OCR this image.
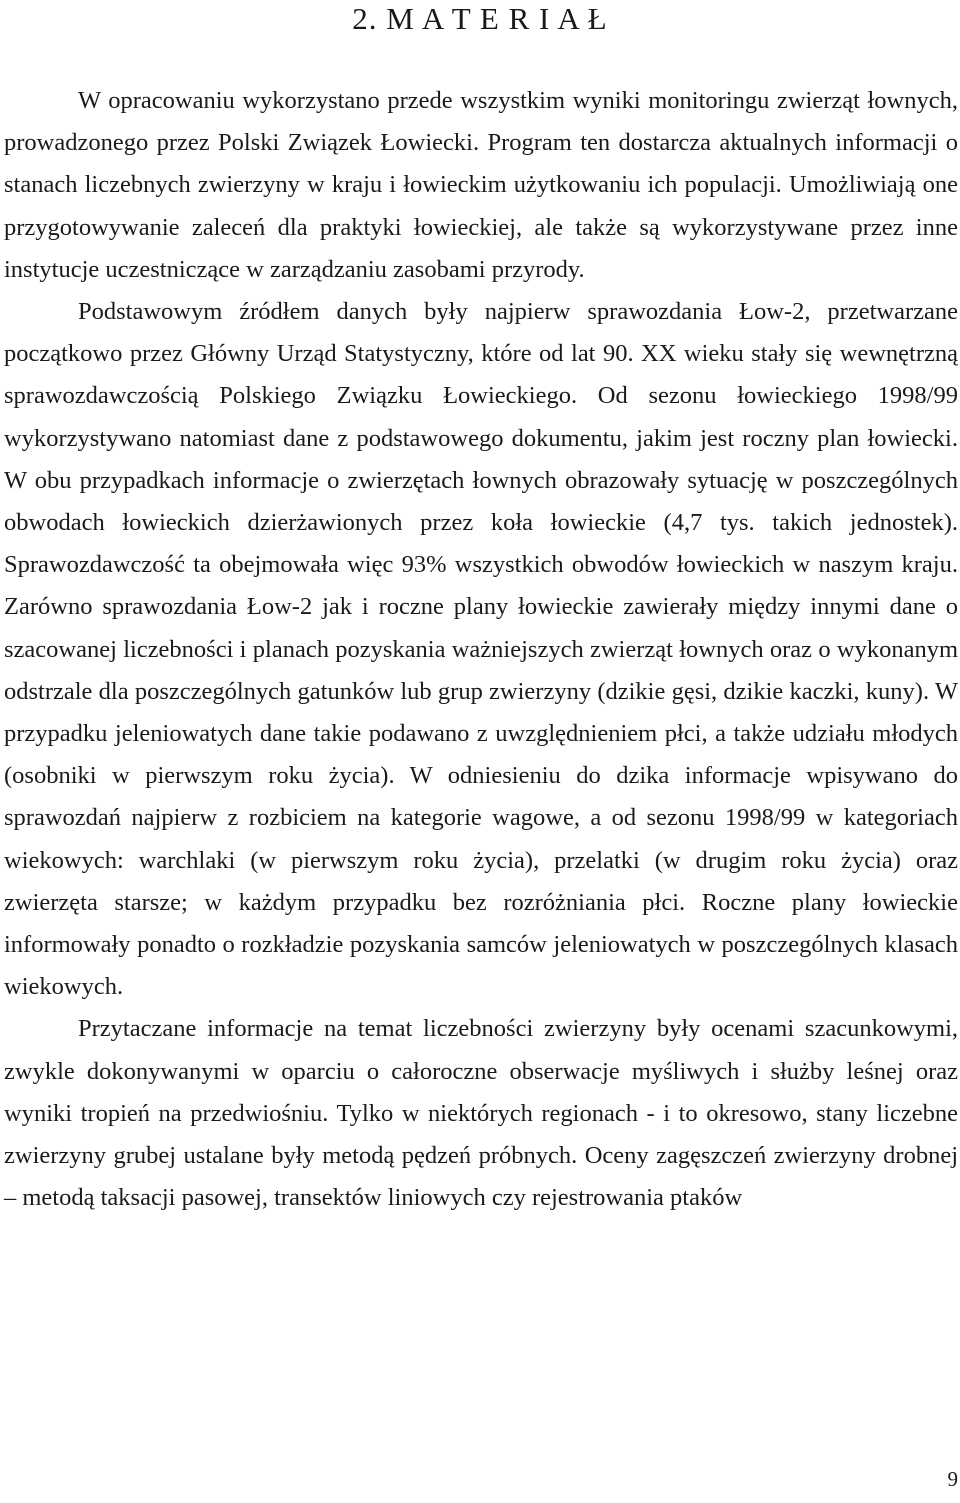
2. M A T E R I A Ł

W opracowaniu wykorzystano przede wszystkim wyniki monitoringu zwierząt łownych, prowadzonego przez Polski Związek Łowiecki. Program ten dostarcza aktualnych informacji o stanach liczebnych zwierzyny w kraju i łowieckim użytkowaniu ich populacji. Umożliwiają one przygotowywanie zaleceń dla praktyki łowieckiej, ale także są wykorzystywane przez inne instytucje uczestniczące w zarządzaniu zasobami przyrody.

Podstawowym źródłem danych były najpierw sprawozdania Łow-2, przetwarzane początkowo przez Główny Urząd Statystyczny, które od lat 90. XX wieku stały się wewnętrzną sprawozdawczością Polskiego Związku Łowieckiego. Od sezonu łowieckiego 1998/99 wykorzystywano natomiast dane z podstawowego dokumentu, jakim jest roczny plan łowiecki. W obu przypadkach informacje o zwierzętach łownych obrazowały sytuację w poszczególnych obwodach łowieckich dzierżawionych przez koła łowieckie (4,7 tys. takich jednostek). Sprawozdawczość ta obejmowała więc 93% wszystkich obwodów łowieckich w naszym kraju. Zarówno sprawozdania Łow-2 jak i roczne plany łowieckie zawierały między innymi dane o szacowanej liczebności i planach pozyskania ważniejszych zwierząt łownych oraz o wykonanym odstrzale dla poszczególnych gatunków lub grup zwierzyny (dzikie gęsi, dzikie kaczki, kuny). W przypadku jeleniowatych dane takie podawano z uwzględnieniem płci, a także udziału młodych (osobniki w pierwszym roku życia). W odniesieniu do dzika informacje wpisywano do sprawozdań najpierw z rozbiciem na kategorie wagowe, a od sezonu 1998/99 w kategoriach wiekowych: warchlaki (w pierwszym roku życia), przelatki (w drugim roku życia) oraz zwierzęta starsze; w każdym przypadku bez rozróżniania płci. Roczne plany łowieckie informowały ponadto o rozkładzie pozyskania samców jeleniowatych w poszczególnych klasach wiekowych.

Przytaczane informacje na temat liczebności zwierzyny były ocenami szacunkowymi, zwykle dokonywanymi w oparciu o całoroczne obserwacje myśliwych i służby leśnej oraz wyniki tropień na przedwiośniu. Tylko w niektórych regionach - i to okresowo, stany liczebne zwierzyny grubej ustalane były metodą pędzeń próbnych. Oceny zagęszczeń zwierzyny drobnej – metodą taksacji pasowej, transektów liniowych czy rejestrowania ptaków

9
